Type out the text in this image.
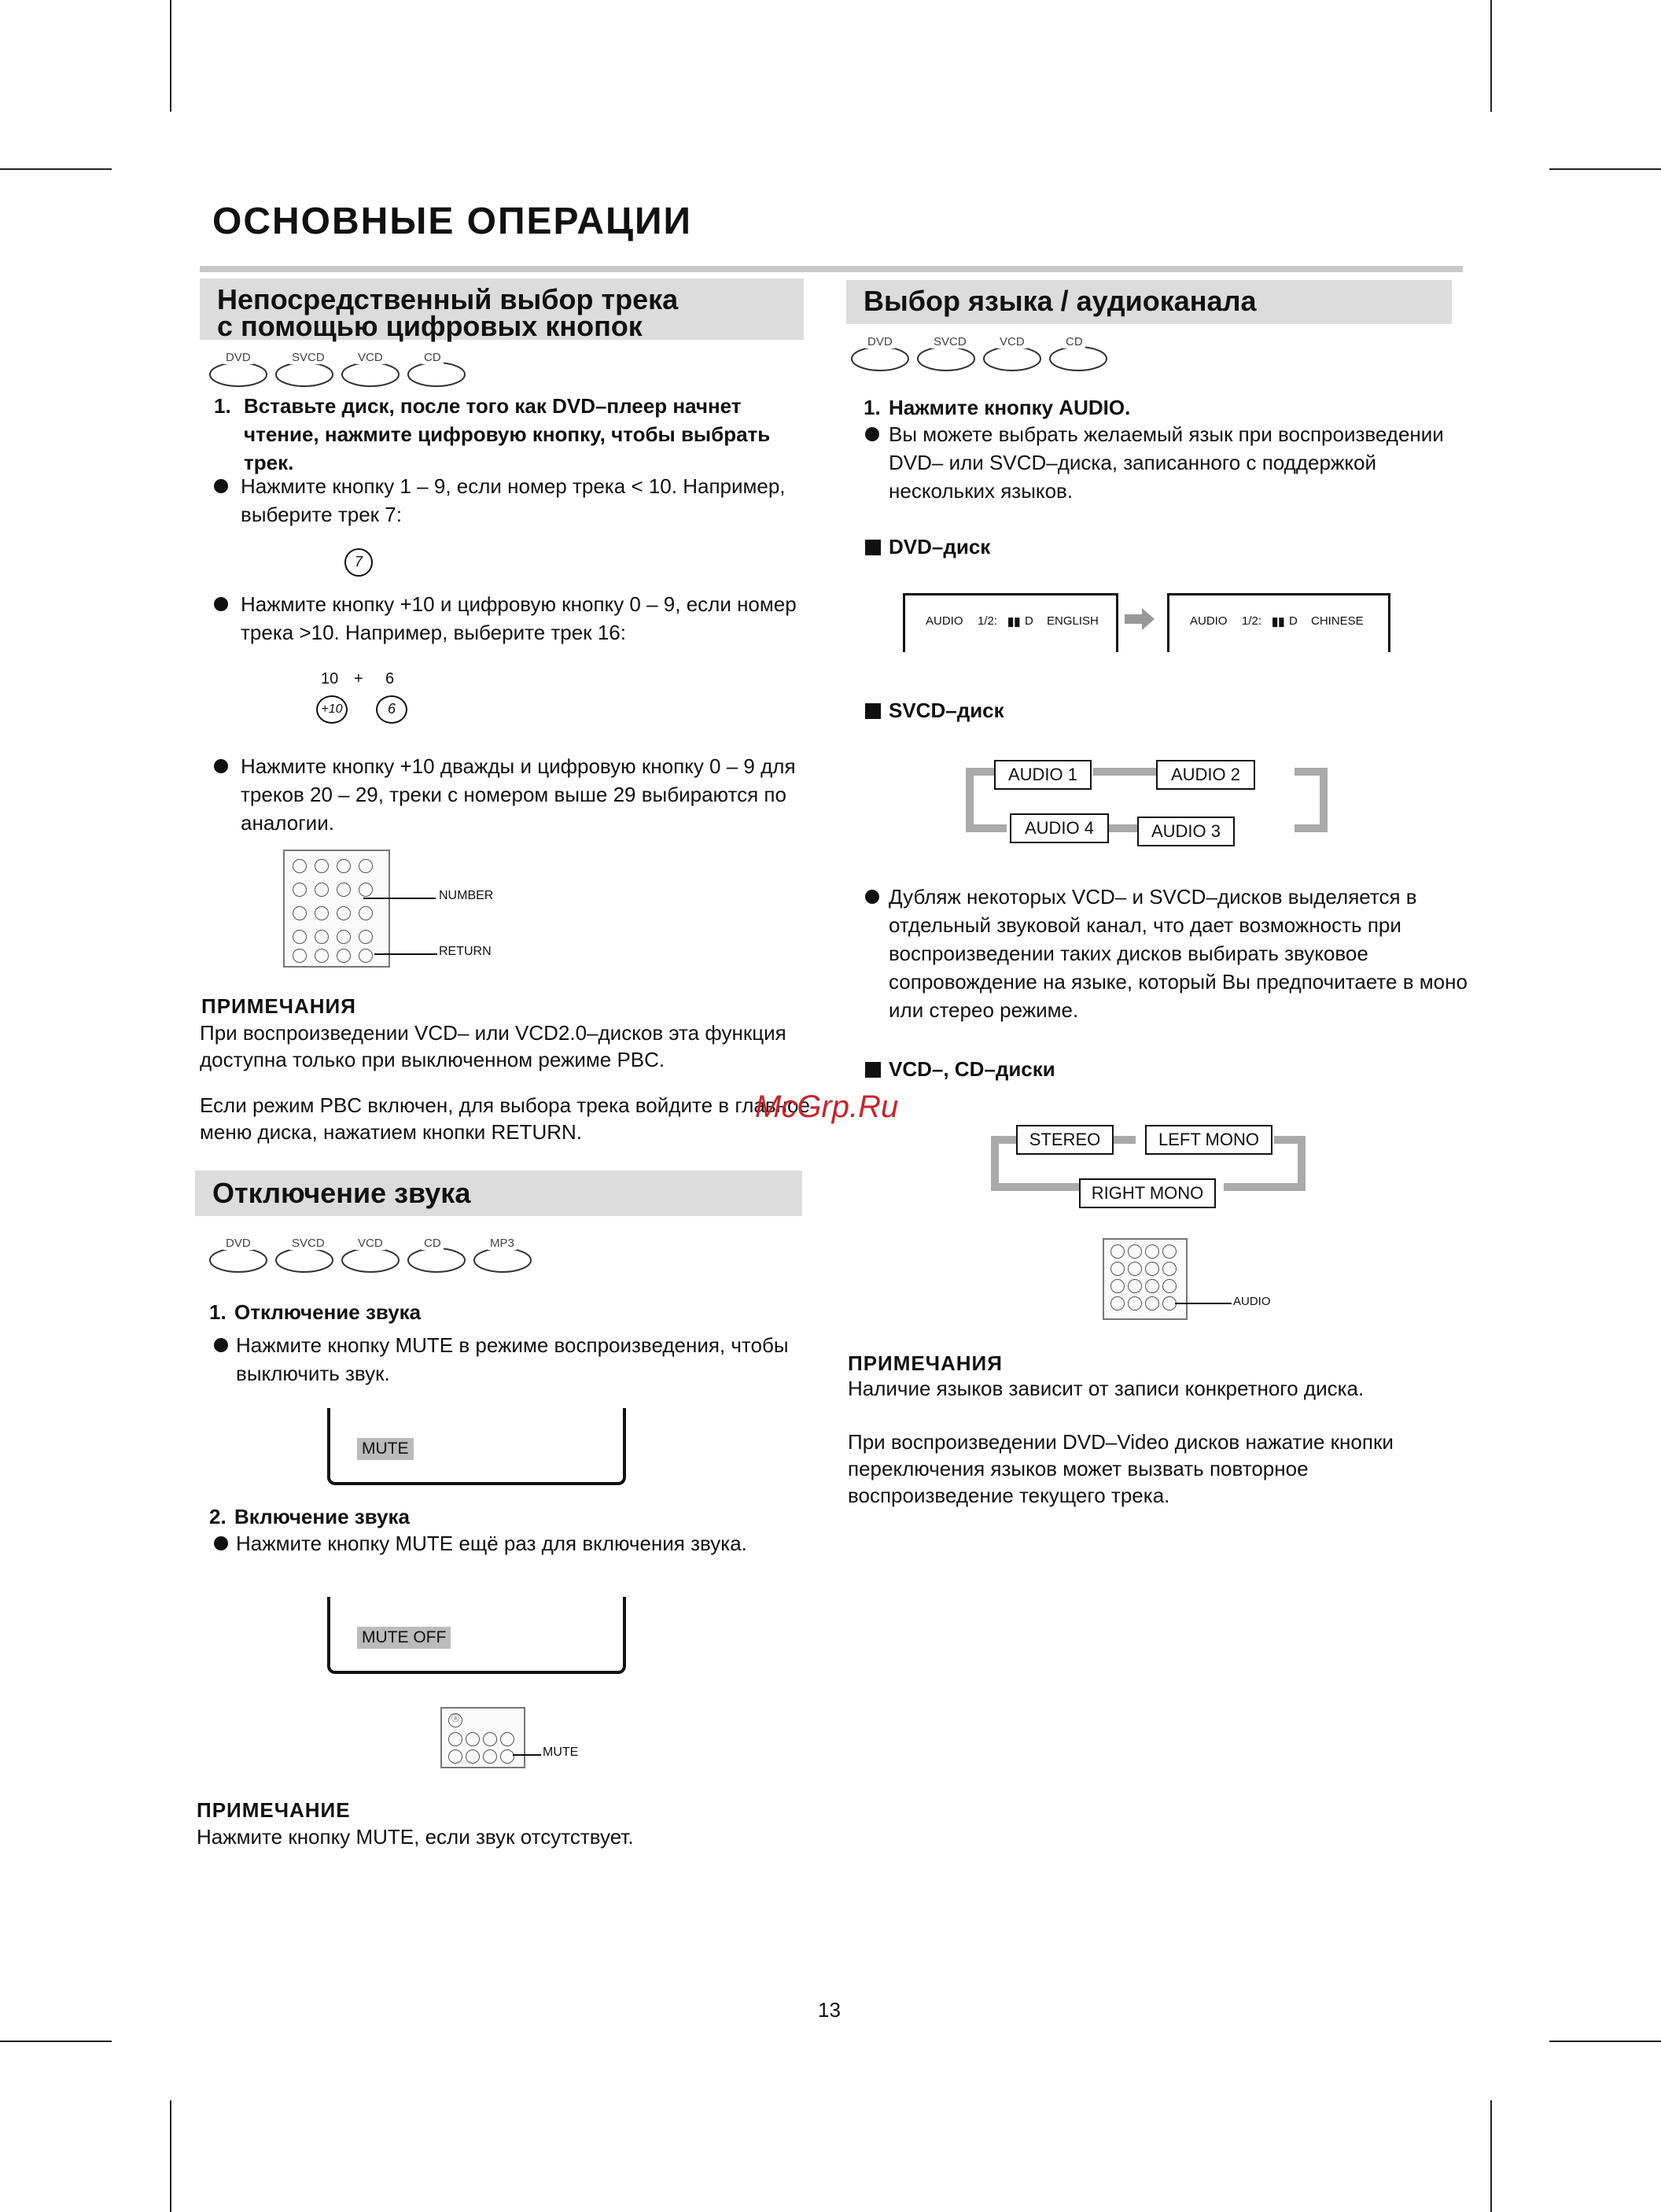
ОСНОВНЫЕ ОПЕРАЦИИ
Непосредственный выбор трека
с помощью цифровых кнопок
DVD	SVCD	VCD	CD
1. Вставьте диск, после того как DVD–плеер начнет чтение, нажмите цифровую кнопку, чтобы выбрать трек.
Нажмите кнопку 1 – 9, если номер трека < 10. Например, выберите трек 7:
7
Нажмите кнопку +10 и цифровую кнопку 0 – 9, если номер трека >10. Например, выберите трек 16:
10 + 6
+10	6
Нажмите кнопку +10 дважды и цифровую кнопку 0 – 9 для треков 20 – 29, треки с номером выше 29 выбираются по аналогии.
NUMBER
RETURN
ПРИМЕЧАНИЯ
При воспроизведении VCD– или VCD2.0–дисков эта функция доступна только при выключенном режиме PBC.
Если режим PBC включен, для выбора трека войдите в главное меню диска, нажатием кнопки RETURN.
Отключение звука
DVD	SVCD	VCD	CD	MP3
1. Отключение звука
Нажмите кнопку MUTE в режиме воспроизведения, чтобы выключить звук.
MUTE
2. Включение звука
Нажмите кнопку MUTE ещё раз для включения звука.
MUTE OFF
ⓐ
MUTE
ПРИМЕЧАНИЕ
Нажмите кнопку MUTE, если звук отсутствует.
Выбор языка / аудиоканала
DVD	SVCD	VCD	CD
1. Нажмите кнопку AUDIO.
Вы можете выбрать желаемый язык при воспроизведении DVD– или SVCD–диска, записанного с поддержкой нескольких языков.
DVD–диск
AUDIO 1/2: ▮▮ D ENGLISH	AUDIO 1/2: ▮▮ D CHINESE
SVCD–диск
AUDIO 1	AUDIO 2
AUDIO 4	AUDIO 3
Дубляж некоторых VCD– и SVCD–дисков выделяется в отдельный звуковой канал, что дает возможность при воспроизведении таких дисков выбирать звуковое сопровождение на языке, который Вы предпочитаете в моно или стерео режиме.
VCD–, CD–диски
STEREO	LEFT MONO
RIGHT MONO
AUDIO
ПРИМЕЧАНИЯ
Наличие языков зависит от записи конкретного диска.
При воспроизведении DVD–Video дисков нажатие кнопки переключения языков может вызвать повторное воспроизведение текущего трека.
McGrp.Ru
13
